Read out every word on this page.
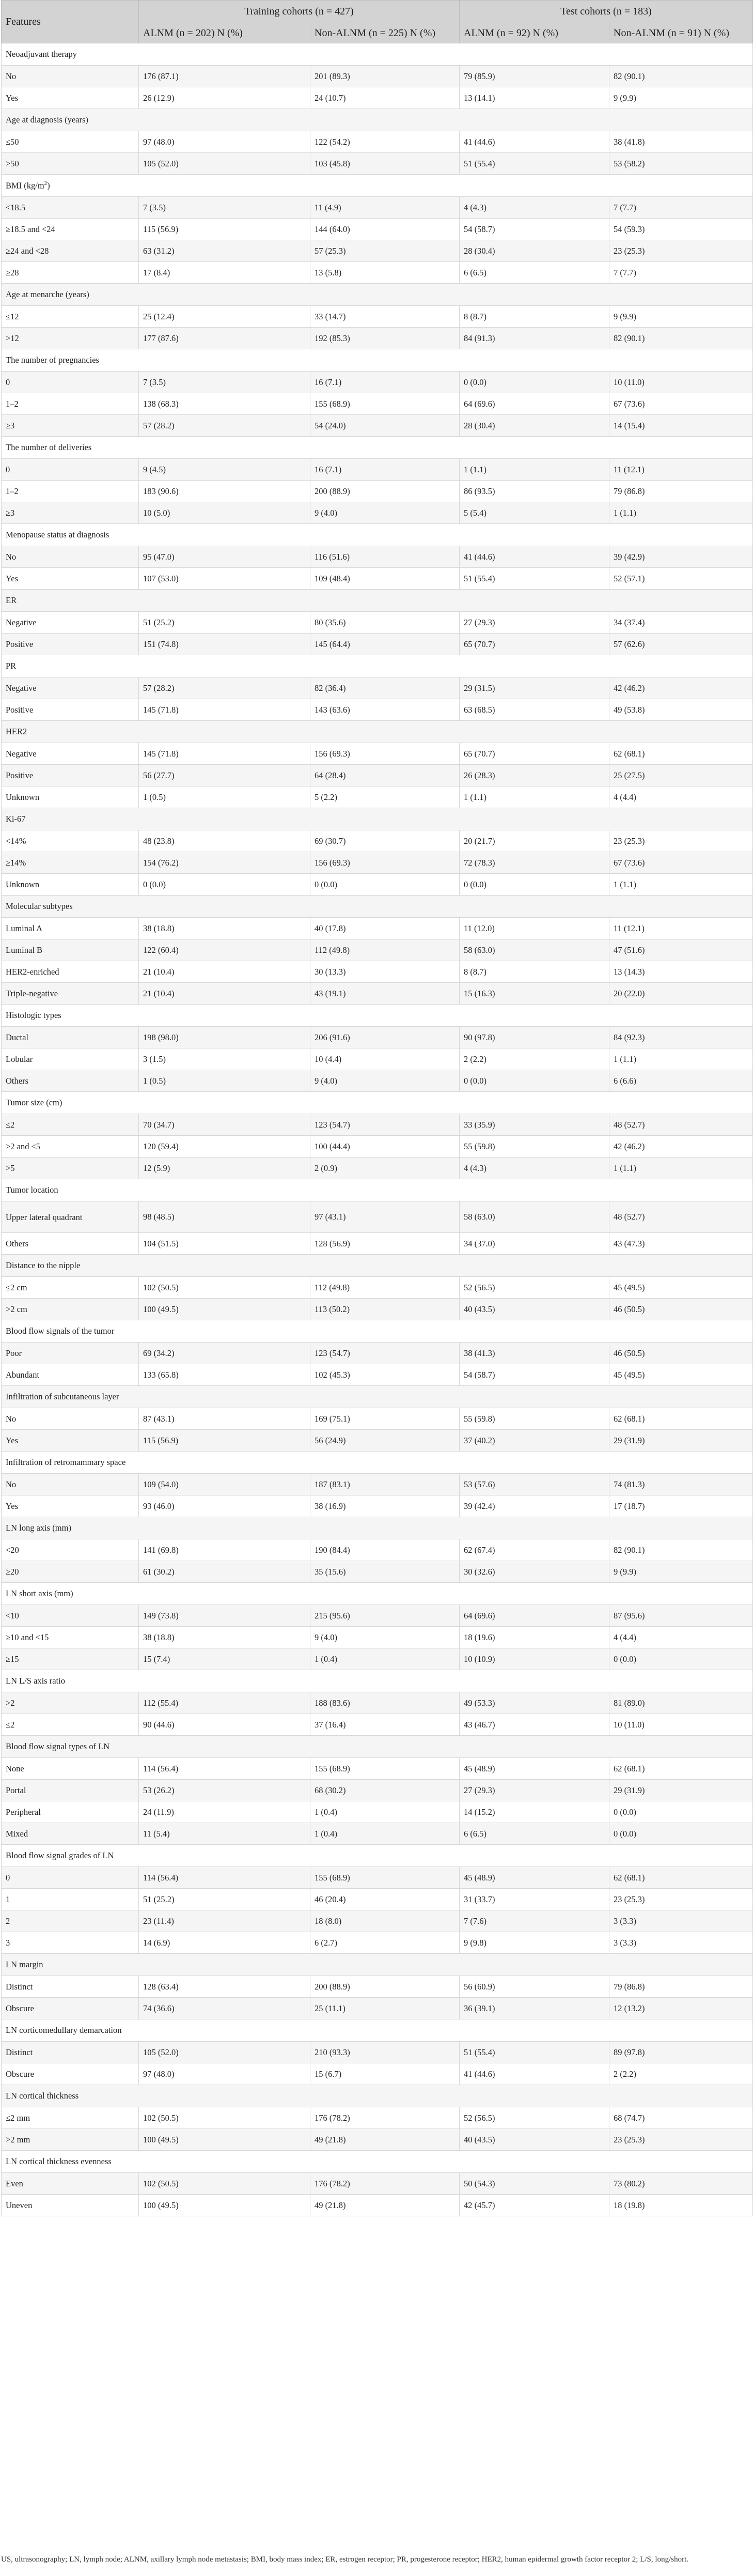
Features	Training cohorts (n = 427)		Test cohorts (n = 183)	
	ALNM (n = 202) N (%)	Non-ALNM (n = 225) N (%)	ALNM (n = 92) N (%)	Non-ALNM (n = 91) N (%)
Neoadjuvant therapy				
No	176 (87.1)	201 (89.3)	79 (85.9)	82 (90.1)
Yes	26 (12.9)	24 (10.7)	13 (14.1)	9 (9.9)
Age at diagnosis (years)				
≤50	97 (48.0)	122 (54.2)	41 (44.6)	38 (41.8)
>50	105 (52.0)	103 (45.8)	51 (55.4)	53 (58.2)
BMI $(kg/m^2)$				
<18.5	7 (3.5)	11 (4.9)	4 (4.3)	7 (7.7)
≥18.5 and <24	115 (56.9)	144 (64.0)	54 (58.7)	54 (59.3)
≥24 and <28	63 (31.2)	57 (25.3)	28 (30.4)	23 (25.3)
≥28	17 (8.4)	13 (5.8)	6 (6.5)	7 (7.7)
Age at menarche (years)				
≤12	25 (12.4)	33 (14.7)	8 (8.7)	9 (9.9)
>12	177 (87.6)	192 (85.3)	84 (91.3)	82 (90.1)
The number of pregnancies				
0	7 (3.5)	16 (7.1)	0 (0.0)	10 (11.0)
1–2	138 (68.3)	155 (68.9)	64 (69.6)	67 (73.6)
≥3	57 (28.2)	54 (24.0)	28 (30.4)	14 (15.4)
The number of deliveries				
0	9 (4.5)	16 (7.1)	1 (1.1)	11 (12.1)
1–2	183 (90.6)	200 (88.9)	86 (93.5)	79 (86.8)
≥3	10 (5.0)	9 (4.0)	5 (5.4)	1 (1.1)
Menopause status at diagnosis				
No	95 (47.0)	116 (51.6)	41 (44.6)	39 (42.9)
Yes	107 (53.0)	109 (48.4)	51 (55.4)	52 (57.1)
ER				
Negative	51 (25.2)	80 (35.6)	27 (29.3)	34 (37.4)
Positive	151 (74.8)	145 (64.4)	65 (70.7)	57 (62.6)
PR				
Negative	57 (28.2)	82 (36.4)	29 (31.5)	42 (46.2)
Positive	145 (71.8)	143 (63.6)	63 (68.5)	49 (53.8)
HER2				
Negative	145 (71.8)	156 (69.3)	65 (70.7)	62 (68.1)
Positive	56 (27.7)	64 (28.4)	26 (28.3)	25 (27.5)
Unknown	1 (0.5)	5 (2.2)	1 (1.1)	4 (4.4)
Ki-67				
<14%	48 (23.8)	69 (30.7)	20 (21.7)	23 (25.3)
≥14%	154 (76.2)	156 (69.3)	72 (78.3)	67 (73.6)
Unknown	0 (0.0)	0 (0.0)	0 (0.0)	1 (1.1)
Molecular subtypes				
Luminal A	38 (18.8)	40 (17.8)	11 (12.0)	11 (12.1)
Luminal B	122 (60.4)	112 (49.8)	58 (63.0)	47 (51.6)
HER2-enriched	21 (10.4)	30 (13.3)	8 (8.7)	13 (14.3)
Triple-negative	21 (10.4)	43 (19.1)	15 (16.3)	20 (22.0)
Histologic types				
Ductal	198 (98.0)	206 (91.6)	90 (97.8)	84 (92.3)
Lobular	3 (1.5)	10 (4.4)	2 (2.2)	1 (1.1)
Others	1 (0.5)	9 (4.0)	0 (0.0)	6 (6.6)
Tumor size (cm)				
≤2	70 (34.7)	123 (54.7)	33 (35.9)	48 (52.7)
>2 and ≤5	120 (59.4)	100 (44.4)	55 (59.8)	42 (46.2)
>5	12 (5.9)	2 (0.9)	4 (4.3)	1 (1.1)
Tumor location				
Upper lateral quadrant	98 (48.5)	97 (43.1)	58 (63.0)	48 (52.7)
Others	104 (51.5)	128 (56.9)	34 (37.0)	43 (47.3)
Distance to the nipple				
≤2 cm	102 (50.5)	112 (49.8)	52 (56.5)	45 (49.5)
>2 cm	100 (49.5)	113 (50.2)	40 (43.5)	46 (50.5)
Blood flow signals of the tumor				
Poor	69 (34.2)	123 (54.7)	38 (41.3)	46 (50.5)
Abundant	133 (65.8)	102 (45.3)	54 (58.7)	45 (49.5)
Infiltration of subcutaneous layer				
No	87 (43.1)	169 (75.1)	55 (59.8)	62 (68.1)
Yes	115 (56.9)	56 (24.9)	37 (40.2)	29 (31.9)
Infiltration of retromammary space				
No	109 (54.0)	187 (83.1)	53 (57.6)	74 (81.3)
Yes	93 (46.0)	38 (16.9)	39 (42.4)	17 (18.7)
LN long axis (mm)				
<20	141 (69.8)	190 (84.4)	62 (67.4)	82 (90.1)
≥20	61 (30.2)	35 (15.6)	30 (32.6)	9 (9.9)
LN short axis (mm)				
<10	149 (73.8)	215 (95.6)	64 (69.6)	87 (95.6)
≥10 and <15	38 (18.8)	9 (4.0)	18 (19.6)	4 (4.4)
≥15	15 (7.4)	1 (0.4)	10 (10.9)	0 (0.0)
LN L/S axis ratio				
>2	112 (55.4)	188 (83.6)	49 (53.3)	81 (89.0)
≤2	90 (44.6)	37 (16.4)	43 (46.7)	10 (11.0)
Blood flow signal types of LN				
None	114 (56.4)	155 (68.9)	45 (48.9)	62 (68.1)
Portal	53 (26.2)	68 (30.2)	27 (29.3)	29 (31.9)
Peripheral	24 (11.9)	1 (0.4)	14 (15.2)	0 (0.0)
Mixed	11 (5.4)	1 (0.4)	6 (6.5)	0 (0.0)
Blood flow signal grades of LN				
0	114 (56.4)	155 (68.9)	45 (48.9)	62 (68.1)
1	51 (25.2)	46 (20.4)	31 (33.7)	23 (25.3)
2	23 (11.4)	18 (8.0)	7 (7.6)	3 (3.3)
3	14 (6.9)	6 (2.7)	9 (9.8)	3 (3.3)
LN margin				
Distinct	128 (63.4)	200 (88.9)	56 (60.9)	79 (86.8)
Obscure	74 (36.6)	25 (11.1)	36 (39.1)	12 (13.2)
LN corticomedullary demarcation				
Distinct	105 (52.0)	210 (93.3)	51 (55.4)	89 (97.8)
Obscure	97 (48.0)	15 (6.7)	41 (44.6)	2 (2.2)
LN cortical thickness				
≤2 mm	102 (50.5)	176 (78.2)	52 (56.5)	68 (74.7)
>2 mm	100 (49.5)	49 (21.8)	40 (43.5)	23 (25.3)
LN cortical thickness evenness				
Even	102 (50.5)	176 (78.2)	50 (54.3)	73 (80.2)
Uneven	100 (49.5)	49 (21.8)	42 (45.7)	18 (19.8)
US, ultrasonography; LN, lymph node; ALNM, axillary lymph node metastasis; BMI, body mass index; ER, estrogen receptor; PR, progesterone receptor; HER2, human epidermal growth factor receptor 2; L/S, long/short.
